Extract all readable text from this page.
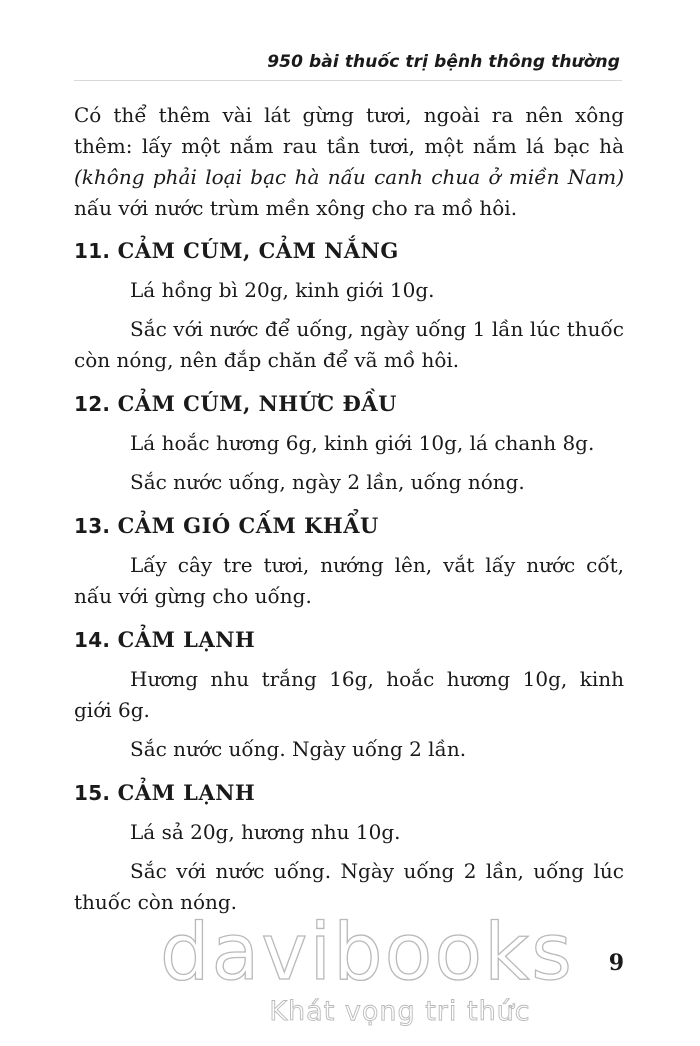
950 bài thuốc trị bệnh thông thường

Có thể thêm vài lát gừng tươi, ngoài ra nên xông thêm: lấy một nắm rau tần tươi, một nắm lá bạc hà (không phải loại bạc hà nấu canh chua ở miền Nam) nấu với nước trùm mền xông cho ra mồ hôi.

11. CẢM CÚM, CẢM NẮNG

Lá hồng bì 20g, kinh giới 10g.

Sắc với nước để uống, ngày uống 1 lần lúc thuốc còn nóng, nên đắp chăn để vã mồ hôi.

12. CẢM CÚM, NHỨC ĐẦU

Lá hoắc hương 6g, kinh giới 10g, lá chanh 8g.

Sắc nước uống, ngày 2 lần, uống nóng.

13. CẢM GIÓ CẤM KHẨU

Lấy cây tre tươi, nướng lên, vắt lấy nước cốt, nấu với gừng cho uống.

14. CẢM LẠNH

Hương nhu trắng 16g, hoắc hương 10g, kinh giới 6g.

Sắc nước uống. Ngày uống 2 lần.

15. CẢM LẠNH

Lá sả 20g, hương nhu 10g.

Sắc với nước uống. Ngày uống 2 lần, uống lúc thuốc còn nóng.

davibooks
Khát vọng tri thức
9
